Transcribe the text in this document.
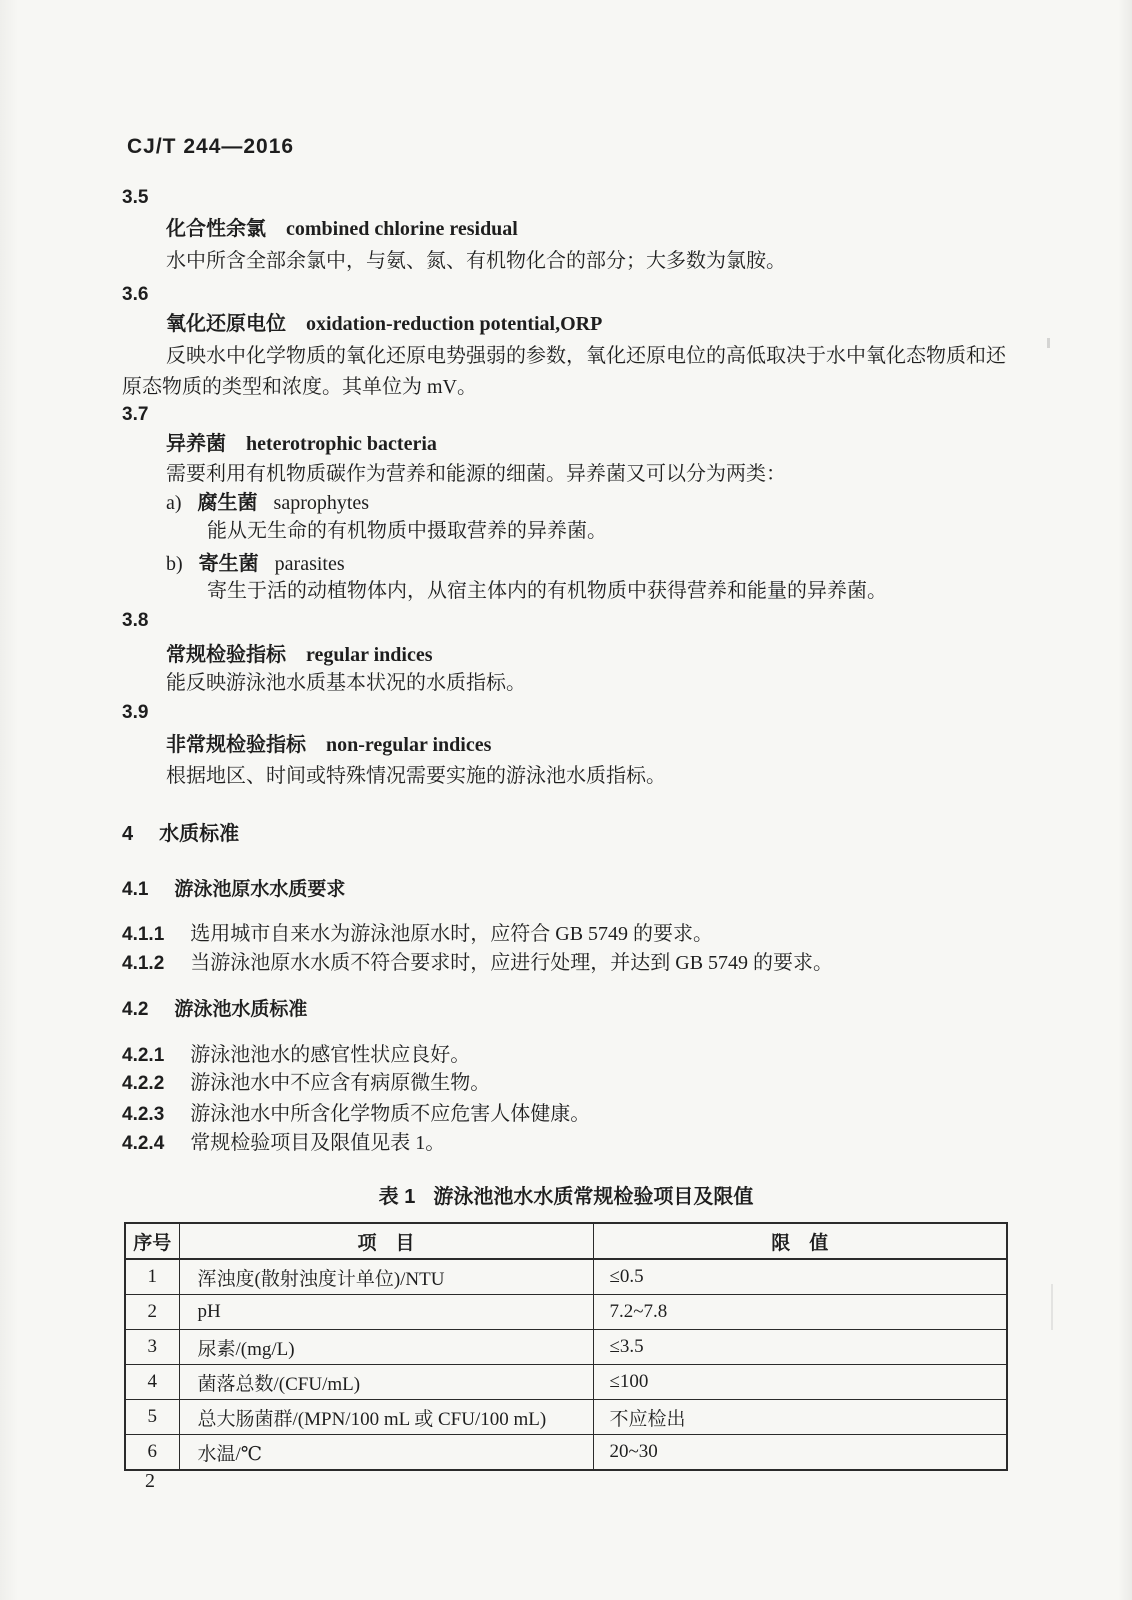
CJ/T 244—2016
3.5
化合性余氯 combined chlorine residual
水中所含全部余氯中，与氨、氮、有机物化合的部分；大多数为氯胺。
3.6
氧化还原电位 oxidation-reduction potential,ORP
反映水中化学物质的氧化还原电势强弱的参数，氧化还原电位的高低取决于水中氧化态物质和还
原态物质的类型和浓度。其单位为 mV。
3.7
异养菌 heterotrophic bacteria
需要利用有机物质碳作为营养和能源的细菌。异养菌又可以分为两类：
a) 腐生菌 saprophytes
能从无生命的有机物质中摄取营养的异养菌。
b) 寄生菌 parasites
寄生于活的动植物体内，从宿主体内的有机物质中获得营养和能量的异养菌。
3.8
常规检验指标 regular indices
能反映游泳池水质基本状况的水质指标。
3.9
非常规检验指标 non-regular indices
根据地区、时间或特殊情况需要实施的游泳池水质指标。
4 水质标准
4.1 游泳池原水水质要求
4.1.1 选用城市自来水为游泳池原水时，应符合 GB 5749 的要求。
4.1.2 当游泳池原水水质不符合要求时，应进行处理，并达到 GB 5749 的要求。
4.2 游泳池水质标准
4.2.1 游泳池池水的感官性状应良好。
4.2.2 游泳池水中不应含有病原微生物。
4.2.3 游泳池水中所含化学物质不应危害人体健康。
4.2.4 常规检验项目及限值见表 1。
表 1 游泳池池水水质常规检验项目及限值
序号	项    目	限    值
1	浑浊度(散射浊度计单位)/NTU	≤0.5
2	pH	7.2~7.8
3	尿素/(mg/L)	≤3.5
4	菌落总数/(CFU/mL)	≤100
5	总大肠菌群/(MPN/100 mL 或 CFU/100 mL)	不应检出
6	水温/℃	20~30
2
